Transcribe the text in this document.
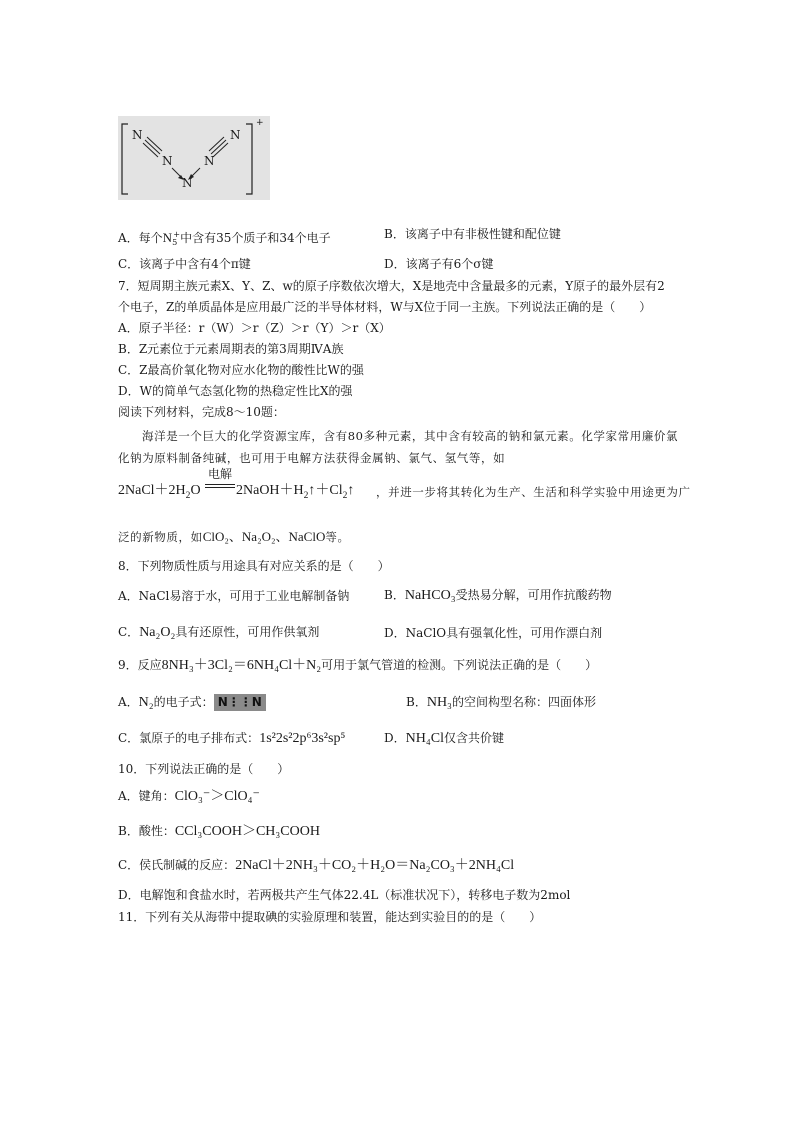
N
N
N
N
N
+
A．每个$N_5^+$中含有35个质子和34个电子	B．该离子中有非极性键和配位键
C．该离子中含有4个π键	D．该离子有6个σ键
7．短周期主族元素X、Y、Z、w的原子序数依次增大，X是地壳中含量最多的元素，Y原子的最外层有2
个电子，Z的单质晶体是应用最广泛的半导体材料，W与X位于同一主族。下列说法正确的是（　　）
A．原子半径：r（W）＞r（Z）＞r（Y）＞r（X）
B．Z元素位于元素周期表的第3周期ⅣA族
C．Z最高价氧化物对应水化物的酸性比W的强
D．W的简单气态氢化物的热稳定性比X的强
阅读下列材料，完成8～10题：
海洋是一个巨大的化学资源宝库，含有80多种元素，其中含有较高的钠和氯元素。化学家常用廉价氯
化钠为原料制备纯碱，也可用于电解方法获得金属钠、氯气、氢气等，如
$2NaCl+2H_2O$
电解
$2NaOH+H_2↑+Cl_2↑$ ，并进一步将其转化为生产、生活和科学实验中用途更为广
泛的新物质，如ClO₂、Na₂O₂、NaClO等。
8．下列物质性质与用途具有对应关系的是（　　）
A．NaCl易溶于水，可用于工业电解制备钠	B．NaHCO₃受热易分解，可用作抗酸药物
C．Na₂O₂具有还原性，可用作供氧剂	D．NaClO具有强氧化性，可用作漂白剂
9．反应8NH₃＋3Cl₂＝6NH₄Cl＋N₂可用于氯气管道的检测。下列说法正确的是（　　）
A．N₂的电子式： N⋮⋮N	B．NH₃的空间构型名称：四面体形
C．氯原子的电子排布式：1s²2s²2p⁶3s²sp⁵	D．NH₄Cl仅含共价键
10．下列说法正确的是（　　）
A．键角：ClO₃⁻＞ClO₄⁻
B．酸性：CCl₃COOH＞CH₃COOH
C．侯氏制碱的反应：2NaCl＋2NH₃＋CO₂＋H₂O＝Na₂CO₃＋2NH₄Cl
D．电解饱和食盐水时，若两极共产生气体22.4L（标准状况下），转移电子数为2mol
11．下列有关从海带中提取碘的实验原理和装置，能达到实验目的的是（　　）
